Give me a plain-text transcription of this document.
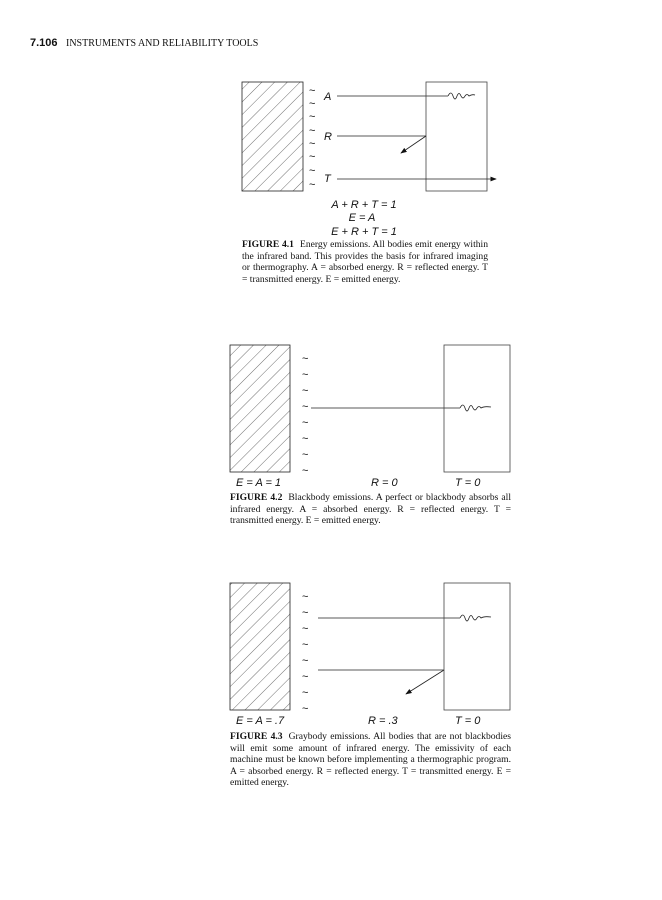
7.106 INSTRUMENTS AND RELIABILITY TOOLS
~
~
~
~
~
~
~
~
A
R
T
A + R + T = 1
E = A
E + R + T = 1
~
~
~
~
~
~
~
~
E = A = 1	R = 0	T = 0
~
~
~
~
~
~
~
~
E = A = .7	R = .3	T = 0
FIGURE 4.1 Energy emissions. All bodies emit energy within the infrared band. This provides the basis for infrared imaging or thermography. A = absorbed energy. R = reflected energy. T = transmitted energy. E = emitted energy.
FIGURE 4.2 Blackbody emissions. A perfect or blackbody absorbs all infrared energy. A = absorbed energy. R = reflected energy. T = transmitted energy. E = emitted energy.
FIGURE 4.3 Graybody emissions. All bodies that are not blackbodies will emit some amount of infrared energy. The emissivity of each machine must be known before implementing a thermographic program. A = absorbed energy. R = reflected energy. T = transmitted energy. E = emitted energy.
